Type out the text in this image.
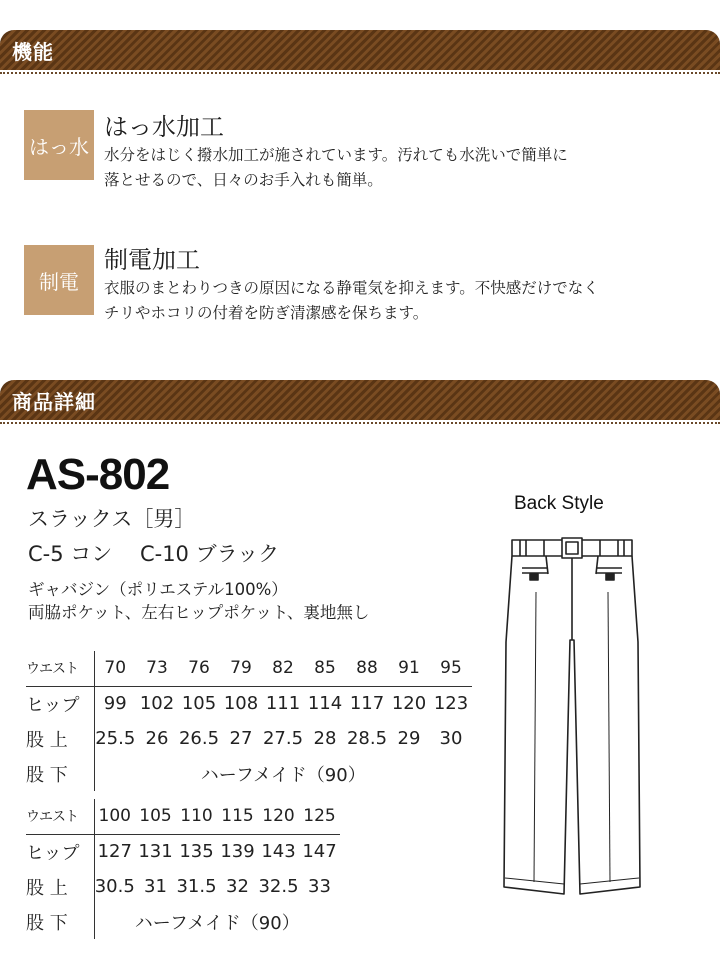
機能
はっ水
はっ水加工
水分をはじく撥水加工が施されています。汚れても水洗いで簡単に
落とせるので、日々のお手入れも簡単。
制電
制電加工
衣服のまとわりつきの原因になる静電気を抑えます。不快感だけでなく
チリやホコリの付着を防ぎ清潔感を保ちます。
商品詳細
AS-802
スラックス［男］
C-5 コン　 C-10 ブラック
ギャバジン（ポリエステル100%）
両脇ポケット、左右ヒップポケット、裏地無し
ウエスト	70	73	76	79	82	85	88	91	95
ヒップ	99	102	105	108	111	114	117	120	123
股 上	25.5	26	26.5	27	27.5	28	28.5	29	30
股 下	ハーフメイド（90）								
ウエスト	100	105	110	115	120	125
ヒップ	127	131	135	139	143	147
股 上	30.5	31	31.5	32	32.5	33
股 下	ハーフメイド（90）					
Back Style
